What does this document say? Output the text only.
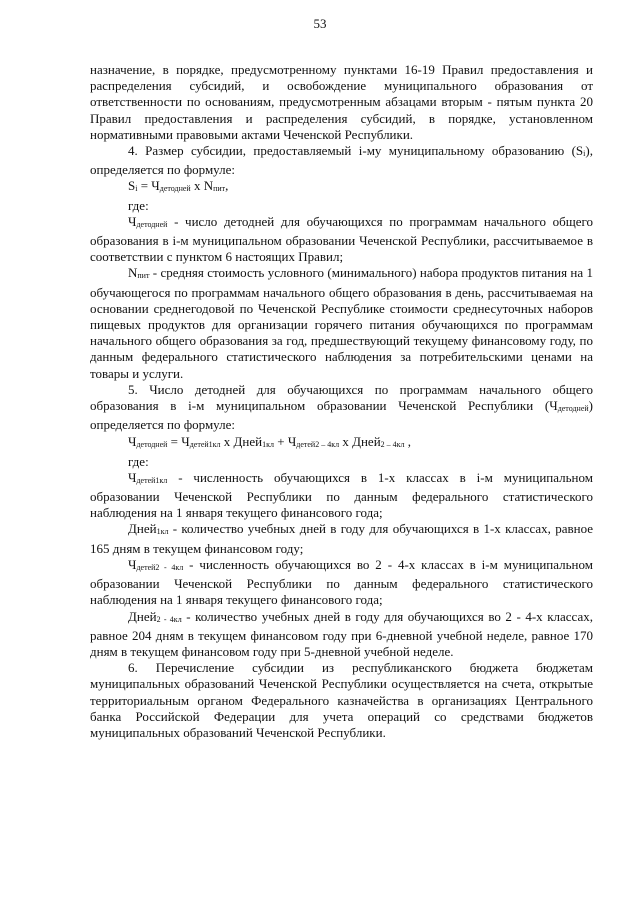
53

назначение, в порядке, предусмотренному пунктами 16-19 Правил предоставления и распределения субсидий, и освобождение муниципального образования от ответственности по основаниям, предусмотренным абзацами вторым - пятым пункта 20 Правил предоставления и распределения субсидий, в порядке, установленном нормативными правовыми актами Чеченской Республики.

4. Размер субсидии, предоставляемый i-му муниципальному образованию (Si), определяется по формуле:

Si = Чдетодней x Nпит,

где:

Чдетодней - число детодней для обучающихся по программам начального общего образования в i-м муниципальном образовании Чеченской Республики, рассчитываемое в соответствии с пунктом 6 настоящих Правил;

Nпит - средняя стоимость условного (минимального) набора продуктов питания на 1 обучающегося по программам начального общего образования в день, рассчитываемая на основании среднегодовой по Чеченской Республике стоимости среднесуточных наборов пищевых продуктов для организации горячего питания обучающихся по программам начального общего образования за год, предшествующий текущему финансовому году, по данным федерального статистического наблюдения за потребительскими ценами на товары и услуги.

5. Число детодней для обучающихся по программам начального общего образования в i-м муниципальном образовании Чеченской Республики (Чдетодней) определяется по формуле:

Чдетодней = Чдетей1кл x Дней1кл + Чдетей2 – 4кл x Дней2 – 4кл ,

где:

Чдетей1кл - численность обучающихся в 1-х классах в i-м муниципальном образовании Чеченской Республики по данным федерального статистического наблюдения на 1 января текущего финансового года;

Дней1кл - количество учебных дней в году для обучающихся в 1-х классах, равное 165 дням в текущем финансовом году;

Чдетей2 - 4кл - численность обучающихся во 2 - 4-х классах в i-м муниципальном образовании Чеченской Республики по данным федерального статистического наблюдения на 1 января текущего финансового года;

Дней2 - 4кл - количество учебных дней в году для обучающихся во 2 - 4-х классах, равное 204 дням в текущем финансовом году при 6-дневной учебной неделе, равное 170 дням в текущем финансовом году при 5-дневной учебной неделе.

6. Перечисление субсидии из республиканского бюджета бюджетам муниципальных образований Чеченской Республики осуществляется на счета, открытые территориальным органом Федерального казначейства в организациях Центрального банка Российской Федерации для учета операций со средствами бюджетов муниципальных образований Чеченской Республики.
